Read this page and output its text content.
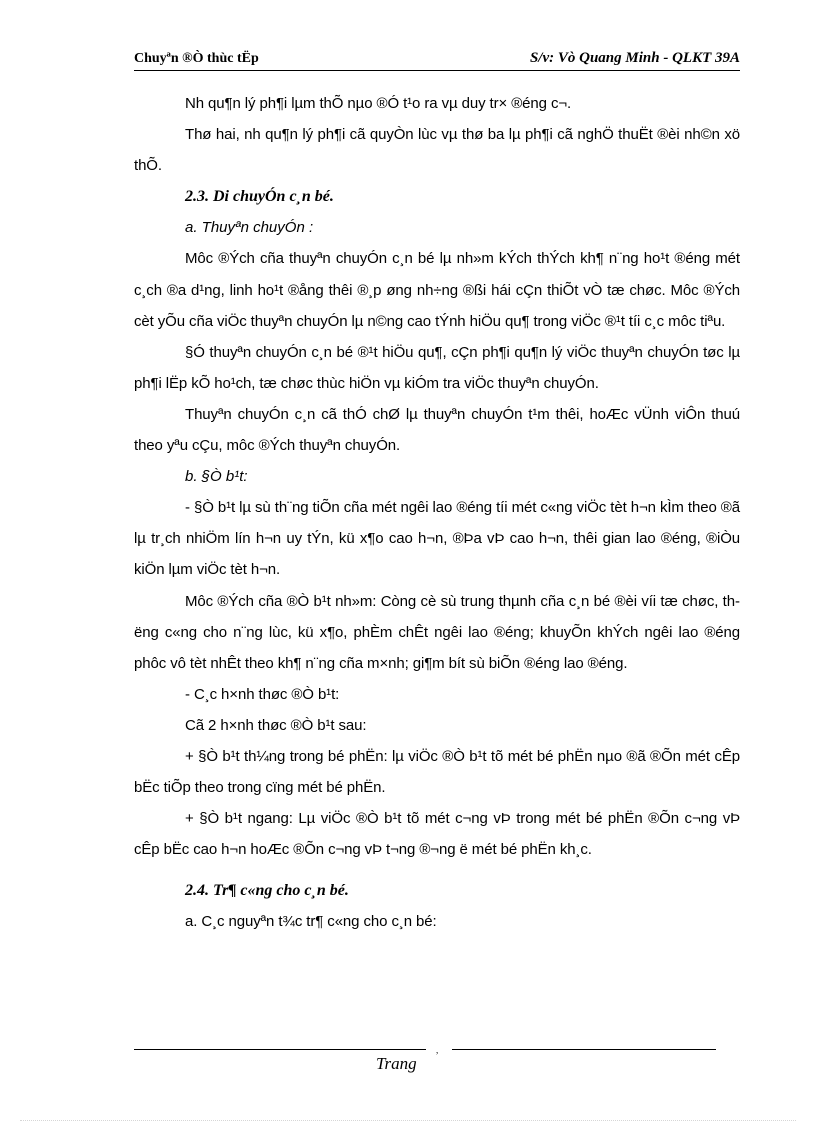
Chuyªn ®Ò thùc tËp	S/v: Vò Quang Minh - QLKT 39A

Nh qu¶n lý ph¶i lµm thÕ nµo ®Ó t¹o ra vµ duy tr× ®éng c¬.

Thø hai, nh qu¶n lý ph¶i cã quyÒn lùc vµ thø ba lµ ph¶i cã nghÖ thuËt ®èi nh©n xö thÕ.

2.3. Di chuyÓn c¸n bé.

a. Thuyªn chuyÓn :

Môc ®Ých cña thuyªn chuyÓn c¸n bé lµ nh»m kÝch thÝch kh¶ n¨ng ho¹t ®éng mét c¸ch ®a d¹ng, linh ho¹t ®ång thêi ®¸p øng nh÷ng ®ßi hái cÇn thiÕt vÒ tæ chøc. Môc ®Ých cèt yÕu cña viÖc thuyªn chuyÓn lµ n©ng cao tÝnh hiÖu qu¶ trong viÖc ®¹t tíi c¸c môc tiªu.

§Ó thuyªn chuyÓn c¸n bé ®¹t hiÖu qu¶, cÇn ph¶i qu¶n lý viÖc thuyªn chuyÓn tøc lµ ph¶i lËp kÕ ho¹ch, tæ chøc thùc hiÖn vµ kiÓm tra viÖc thuyªn chuyÓn.

Thuyªn chuyÓn c¸n cã thÓ chØ lµ thuyªn chuyÓn t¹m thêi, hoÆc vÜnh viÔn thuú theo yªu cÇu, môc ®Ých thuyªn chuyÓn.

b. §Ò b¹t:

- §Ò b¹t lµ sù th¨ng tiÕn cña mét ngêi lao ®éng tíi mét c«ng viÖc tèt h¬n kÌm theo ®ã lµ tr¸ch nhiÖm lín h¬n uy tÝn, kü x¶o cao h¬n, ®Þa vÞ cao h¬n, thêi gian lao ®éng, ®iÒu kiÖn lµm viÖc tèt h¬n.

Môc ®Ých cña ®Ò b¹t nh»m: Còng cè sù trung thµnh cña c¸n bé ®èi víi tæ chøc, thëng c«ng cho n¨ng lùc, kü x¶o, phÈm chÊt ngêi lao ®éng; khuyÕn khÝch ngêi lao ®éng phôc vô tèt nhÊt theo kh¶ n¨ng cña m×nh; gi¶m bít sù biÕn ®éng lao ®éng.

- C¸c h×nh thøc ®Ò b¹t:

Cã 2 h×nh thøc ®Ò b¹t sau:

+ §Ò b¹t th¼ng trong bé phËn: lµ viÖc ®Ò b¹t tõ mét bé phËn nµo ®ã ®Õn mét cÊp bËc tiÕp theo trong cïng mét bé phËn.

+ §Ò b¹t ngang: Lµ viÖc ®Ò b¹t tõ mét c¬ng vÞ trong mét bé phËn ®Õn c¬ng vÞ cÊp bËc cao h¬n hoÆc ®Õn c¬ng vÞ t¬ng ®¬ng ë mét bé phËn kh¸c.

2.4. Tr¶ c«ng cho c¸n bé.

a. C¸c nguyªn t¾c tr¶ c«ng cho c¸n bé:

,
Trang
